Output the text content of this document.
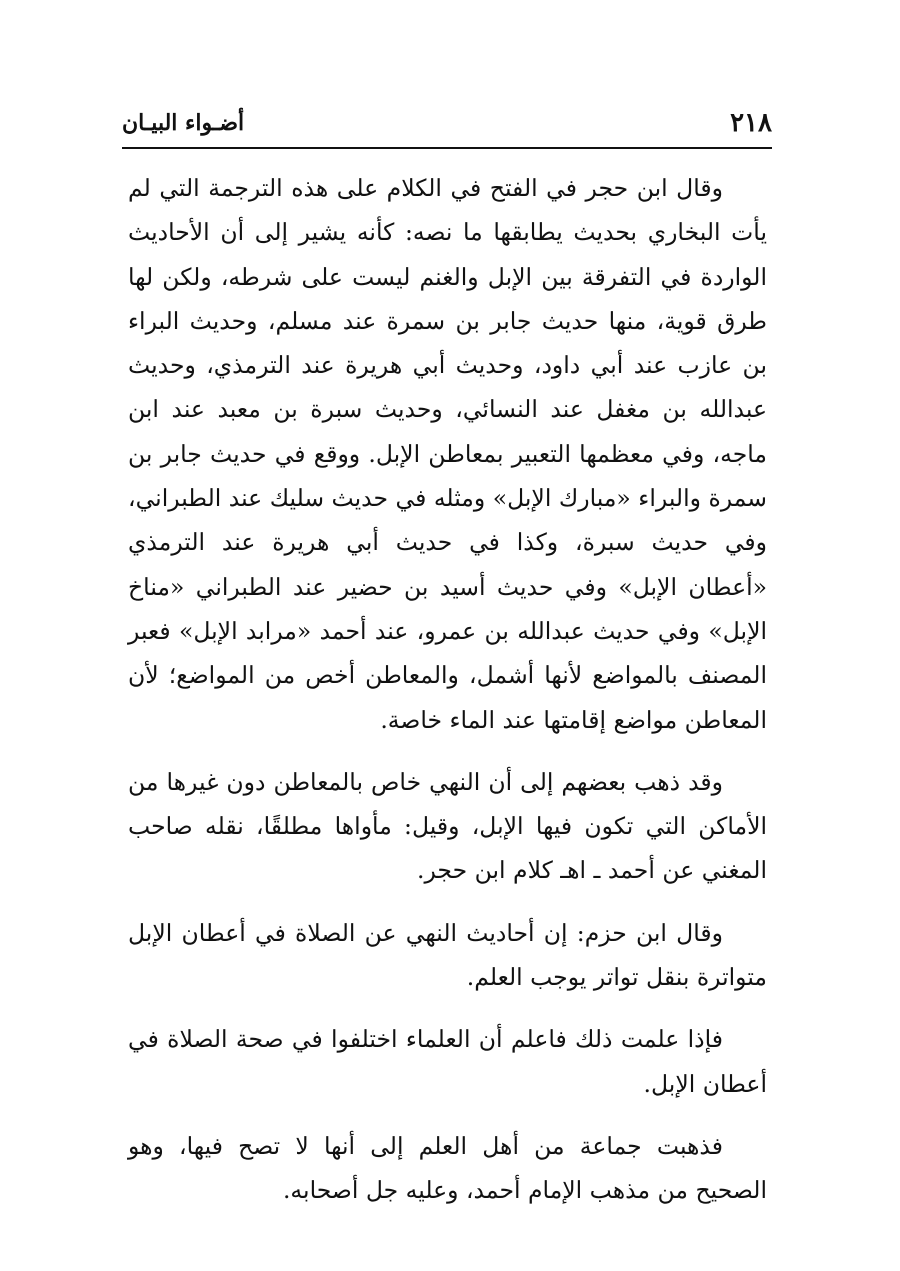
٢١٨
أضـواء البيـان

وقال ابن حجر في الفتح في الكلام على هذه الترجمة التي لم يأت البخاري بحديث يطابقها ما نصه: كأنه يشير إلى أن الأحاديث الواردة في التفرقة بين الإبل والغنم ليست على شرطه، ولكن لها طرق قوية، منها حديث جابر بن سمرة عند مسلم، وحديث البراء بن عازب عند أبي داود، وحديث أبي هريرة عند الترمذي، وحديث عبدالله بن مغفل عند النسائي، وحديث سبرة بن معبد عند ابن ماجه، وفي معظمها التعبير بمعاطن الإبل. ووقع في حديث جابر بن سمرة والبراء «مبارك الإبل» ومثله في حديث سليك عند الطبراني، وفي حديث سبرة، وكذا في حديث أبي هريرة عند الترمذي «أعطان الإبل» وفي حديث أسيد بن حضير عند الطبراني «مناخ الإبل» وفي حديث عبدالله بن عمرو، عند أحمد «مرابد الإبل» فعبر المصنف بالمواضع لأنها أشمل، والمعاطن أخص من المواضع؛ لأن المعاطن مواضع إقامتها عند الماء خاصة.

وقد ذهب بعضهم إلى أن النهي خاص بالمعاطن دون غيرها من الأماكن التي تكون فيها الإبل، وقيل: مأواها مطلقًا، نقله صاحب المغني عن أحمد ـ اهـ كلام ابن حجر.

وقال ابن حزم: إن أحاديث النهي عن الصلاة في أعطان الإبل متواترة بنقل تواتر يوجب العلم.

فإذا علمت ذلك فاعلم أن العلماء اختلفوا في صحة الصلاة في أعطان الإبل.

فذهبت جماعة من أهل العلم إلى أنها لا تصح فيها، وهو الصحيح من مذهب الإمام أحمد، وعليه جل أصحابه.
